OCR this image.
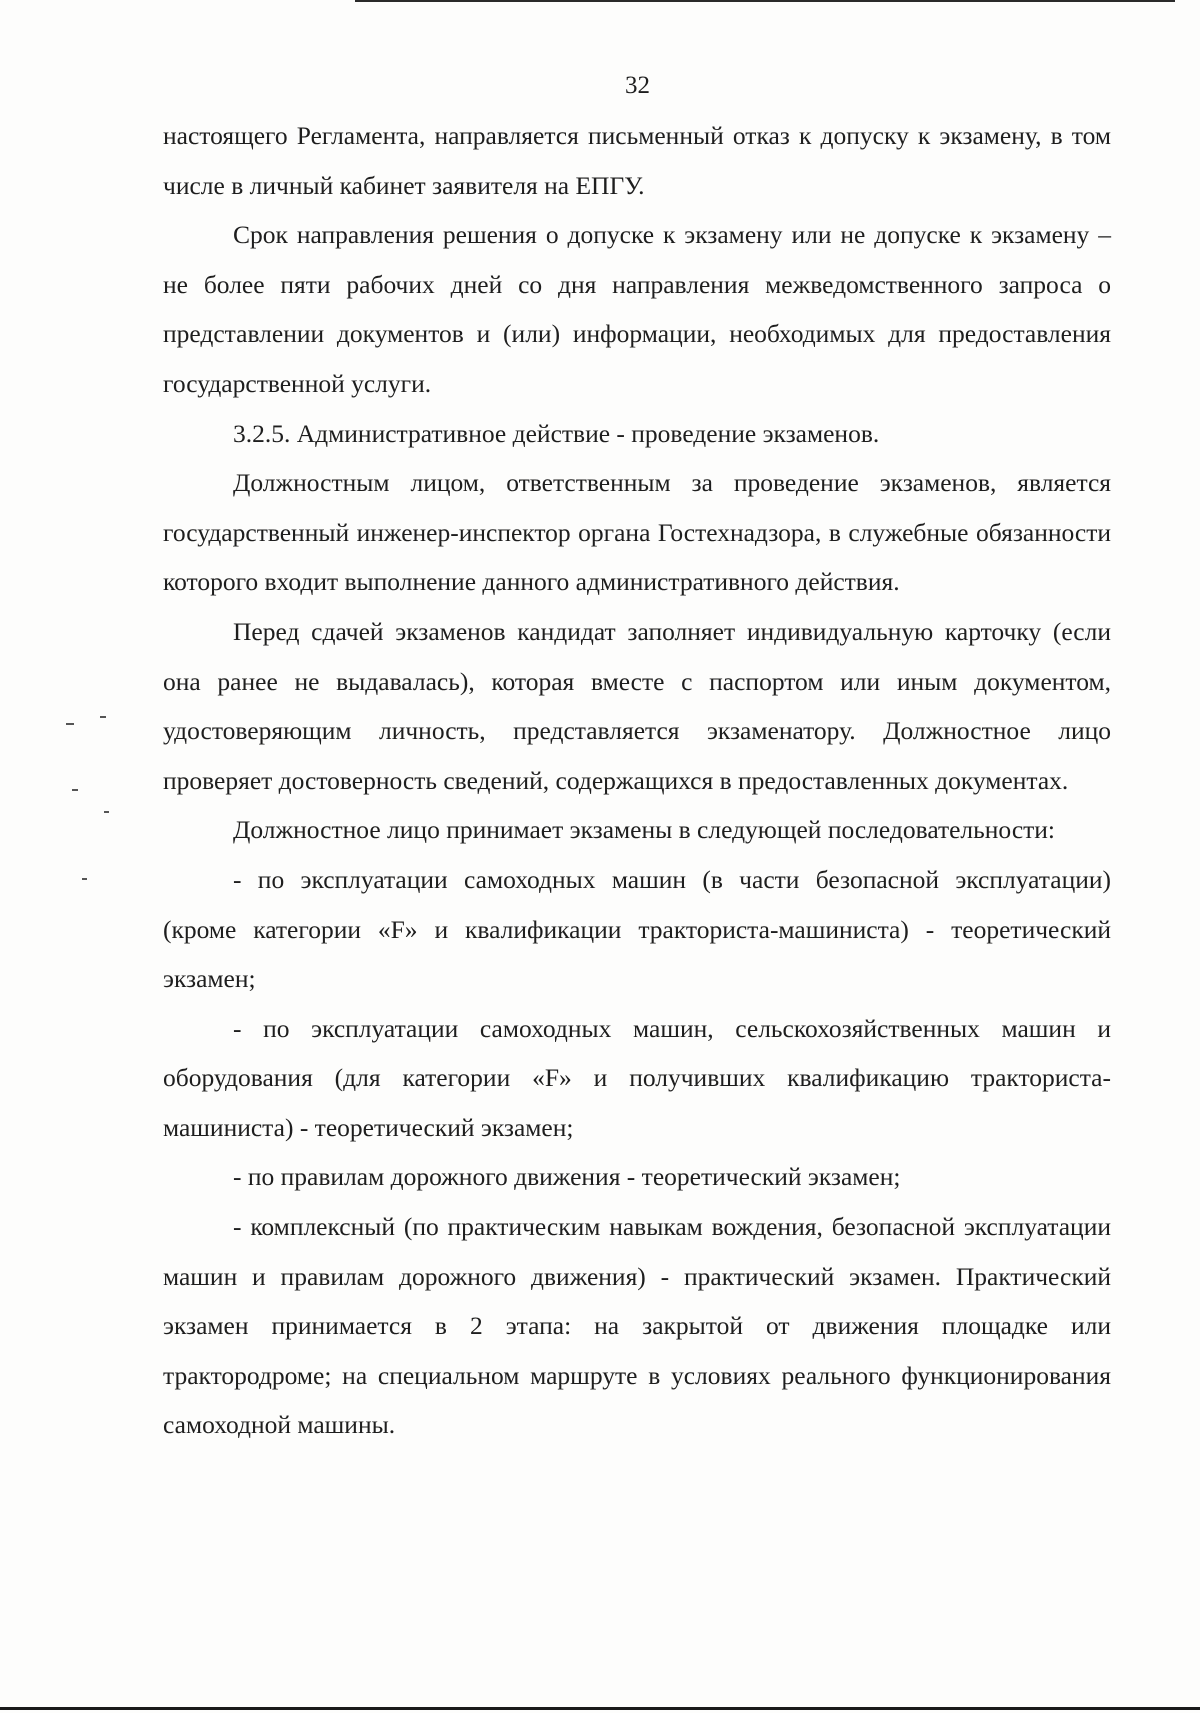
32

настоящего Регламента, направляется письменный отказ к допуску к экзамену, в том числе в личный кабинет заявителя на ЕПГУ.

Срок направления решения о допуске к экзамену или не допуске к экзамену – не более пяти рабочих дней со дня направления межведомственного запроса о представлении документов и (или) информации, необходимых для предоставления государственной услуги.

3.2.5. Административное действие - проведение экзаменов.

Должностным лицом, ответственным за проведение экзаменов, является государственный инженер-инспектор органа Гостехнадзора, в служебные обязанности которого входит выполнение данного административного действия.

Перед сдачей экзаменов кандидат заполняет индивидуальную карточку (если она ранее не выдавалась), которая вместе с паспортом или иным документом, удостоверяющим личность, представляется экзаменатору. Должностное лицо проверяет достоверность сведений, содержащихся в предоставленных документах.

Должностное лицо принимает экзамены в следующей последовательности:

- по эксплуатации самоходных машин (в части безопасной эксплуатации) (кроме категории «F» и квалификации тракториста-машиниста) - теоретический экзамен;

- по эксплуатации самоходных машин, сельскохозяйственных машин и оборудования (для категории «F» и получивших квалификацию тракториста-машиниста) - теоретический экзамен;

- по правилам дорожного движения - теоретический экзамен;

- комплексный (по практическим навыкам вождения, безопасной эксплуатации машин и правилам дорожного движения) - практический экзамен. Практический экзамен принимается в 2 этапа: на закрытой от движения площадке или трактородроме; на специальном маршруте в условиях реального функционирования самоходной машины.
